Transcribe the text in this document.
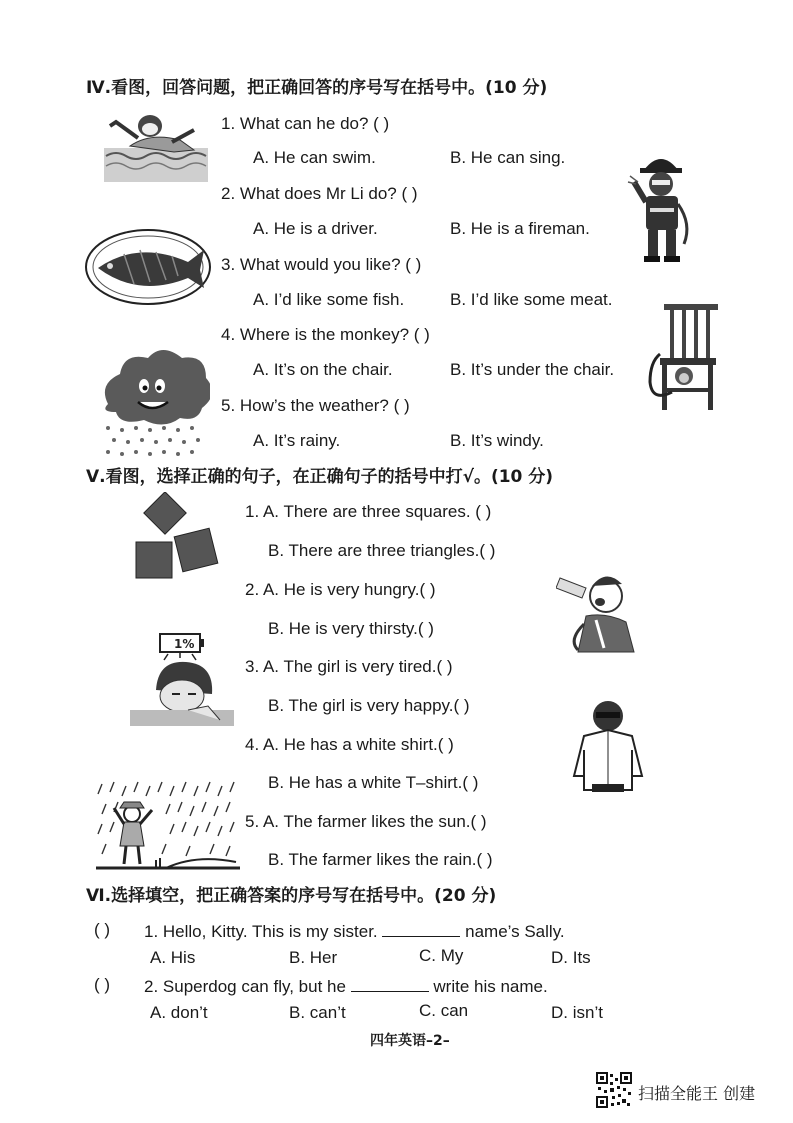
Ⅳ.看图，回答问题，把正确回答的序号写在括号中。(10 分)
1. What can he do? ( )
A. He can swim.	B. He can sing.
2. What does Mr Li do? ( )
A. He is a driver.	B. He is a fireman.
3. What would you like? ( )
A. I’d like some fish.	B. I’d like some meat.
4. Where is the monkey? ( )
A. It’s on the chair.	B. It’s under the chair.
5. How’s the weather? ( )
A. It’s rainy.	B. It’s windy.
Ⅴ.看图，选择正确的句子，在正确句子的括号中打√。(10 分)
1. A. There are three squares. ( )
B. There are three triangles.( )
2. A. He is very hungry.( )
B. He is very thirsty.( )
1%
3. A. The girl is very tired.( )
B. The girl is very happy.( )
4. A. He has a white shirt.( )
B. He has a white T–shirt.( )
5. A. The farmer likes the sun.( )
B. The farmer likes the rain.( )
Ⅵ.选择填空，把正确答案的序号写在括号中。(20 分)
( ) 1. Hello, Kitty. This is my sister.	name’s Sally.
A. His	B. Her	C. My	D. Its
( ) 2. Superdog can fly, but he	write his name.
A. don’t	B. can’t	C. can	D. isn’t
四年英语–2–
扫描全能王 创建
